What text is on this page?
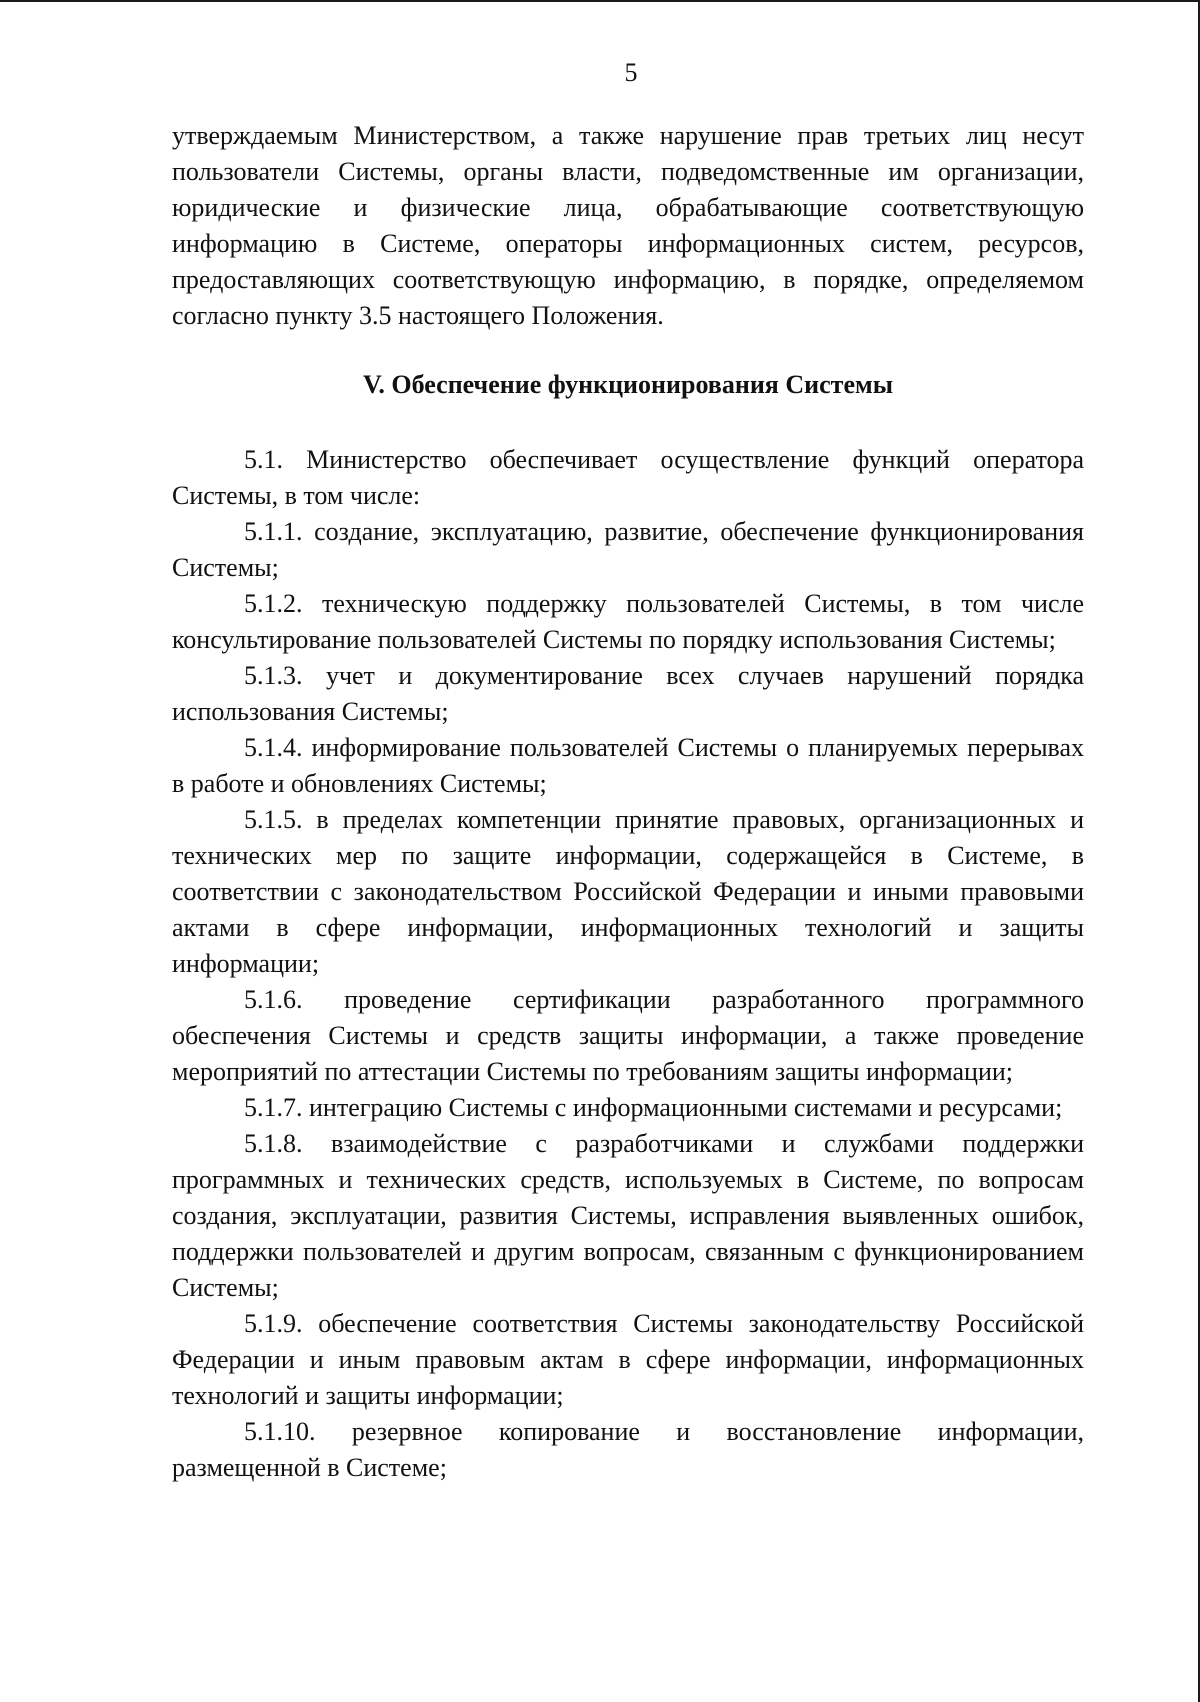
5

утверждаемым Министерством, а также нарушение прав третьих лиц несут пользователи Системы, органы власти, подведомственные им организации, юридические и физические лица, обрабатывающие соответствующую информацию в Системе, операторы информационных систем, ресурсов, предоставляющих соответствующую информацию, в порядке, определяемом согласно пункту 3.5 настоящего Положения.

V. Обеспечение функционирования Системы

5.1. Министерство обеспечивает осуществление функций оператора Системы, в том числе:

5.1.1. создание, эксплуатацию, развитие, обеспечение функционирования Системы;

5.1.2. техническую поддержку пользователей Системы, в том числе консультирование пользователей Системы по порядку использования Системы;

5.1.3. учет и документирование всех случаев нарушений порядка использования Системы;

5.1.4. информирование пользователей Системы о планируемых перерывах в работе и обновлениях Системы;

5.1.5. в пределах компетенции принятие правовых, организационных и технических мер по защите информации, содержащейся в Системе, в соответствии с законодательством Российской Федерации и иными правовыми актами в сфере информации, информационных технологий и защиты информации;

5.1.6. проведение сертификации разработанного программного обеспечения Системы и средств защиты информации, а также проведение мероприятий по аттестации Системы по требованиям защиты информации;

5.1.7. интеграцию Системы с информационными системами и ресурсами;

5.1.8. взаимодействие с разработчиками и службами поддержки программных и технических средств, используемых в Системе, по вопросам создания, эксплуатации, развития Системы, исправления выявленных ошибок, поддержки пользователей и другим вопросам, связанным с функционированием Системы;

5.1.9. обеспечение соответствия Системы законодательству Российской Федерации и иным правовым актам в сфере информации, информационных технологий и защиты информации;

5.1.10. резервное копирование и восстановление информации, размещенной в Системе;
